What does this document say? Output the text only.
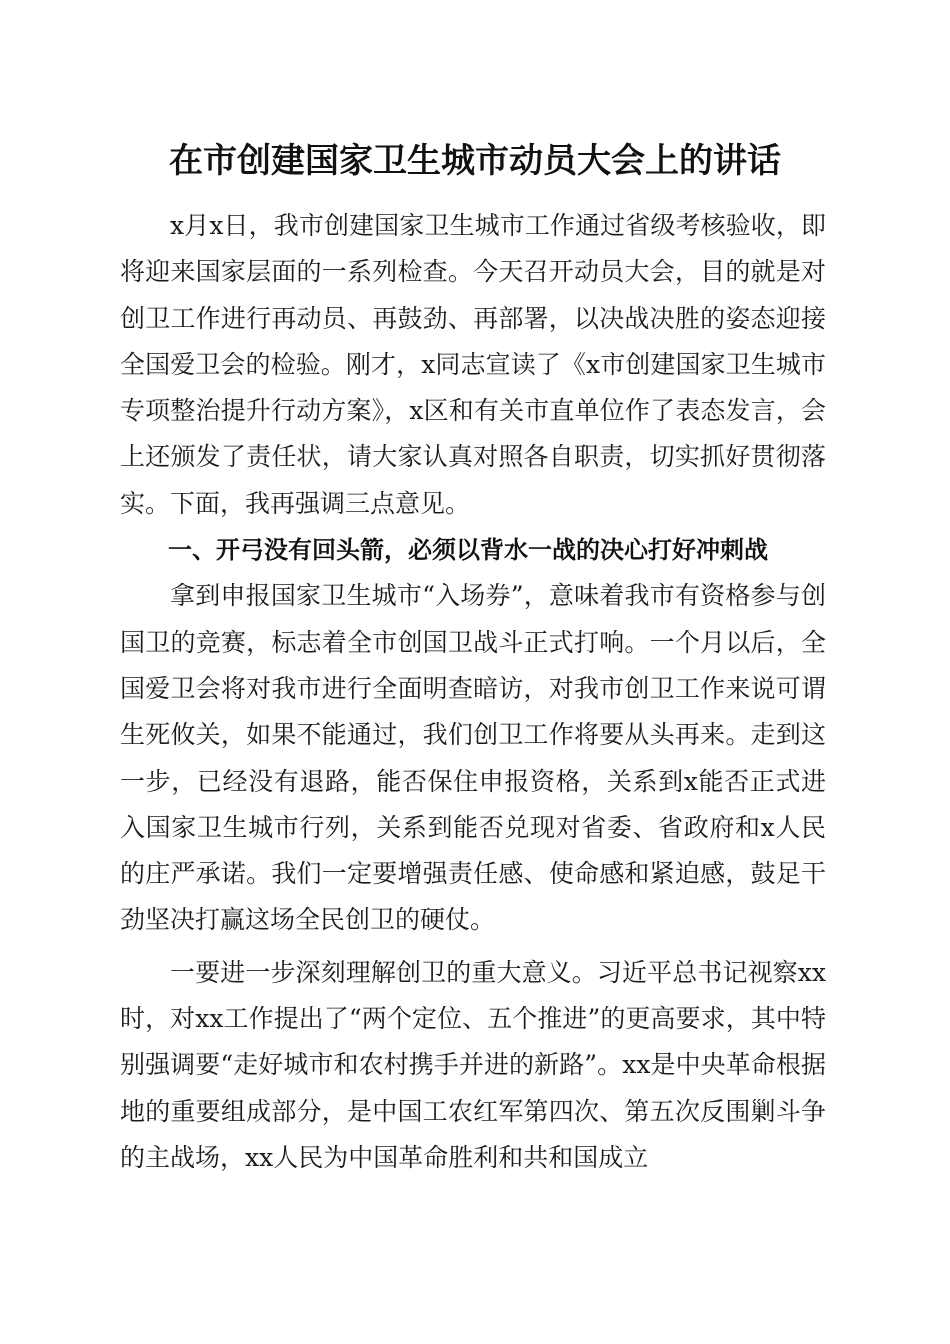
在市创建国家卫生城市动员大会上的讲话

x月x日，我市创建国家卫生城市工作通过省级考核验收，即将迎来国家层面的一系列检查。今天召开动员大会，目的就是对创卫工作进行再动员、再鼓劲、再部署，以决战决胜的姿态迎接全国爱卫会的检验。刚才，x同志宣读了《x市创建国家卫生城市专项整治提升行动方案》，x区和有关市直单位作了表态发言，会上还颁发了责任状，请大家认真对照各自职责，切实抓好贯彻落实。下面，我再强调三点意见。

一、开弓没有回头箭，必须以背水一战的决心打好冲刺战

拿到申报国家卫生城市“入场券”，意味着我市有资格参与创国卫的竞赛，标志着全市创国卫战斗正式打响。一个月以后，全国爱卫会将对我市进行全面明查暗访，对我市创卫工作来说可谓生死攸关，如果不能通过，我们创卫工作将要从头再来。走到这一步，已经没有退路，能否保住申报资格，关系到x能否正式进入国家卫生城市行列，关系到能否兑现对省委、省政府和x人民的庄严承诺。我们一定要增强责任感、使命感和紧迫感，鼓足干劲坚决打赢这场全民创卫的硬仗。

一要进一步深刻理解创卫的重大意义。习近平总书记视察xx时，对xx工作提出了“两个定位、五个推进”的更高要求，其中特别强调要“走好城市和农村携手并进的新路”。xx是中央革命根据地的重要组成部分，是中国工农红军第四次、第五次反围剿斗争的主战场，xx人民为中国革命胜利和共和国成立
